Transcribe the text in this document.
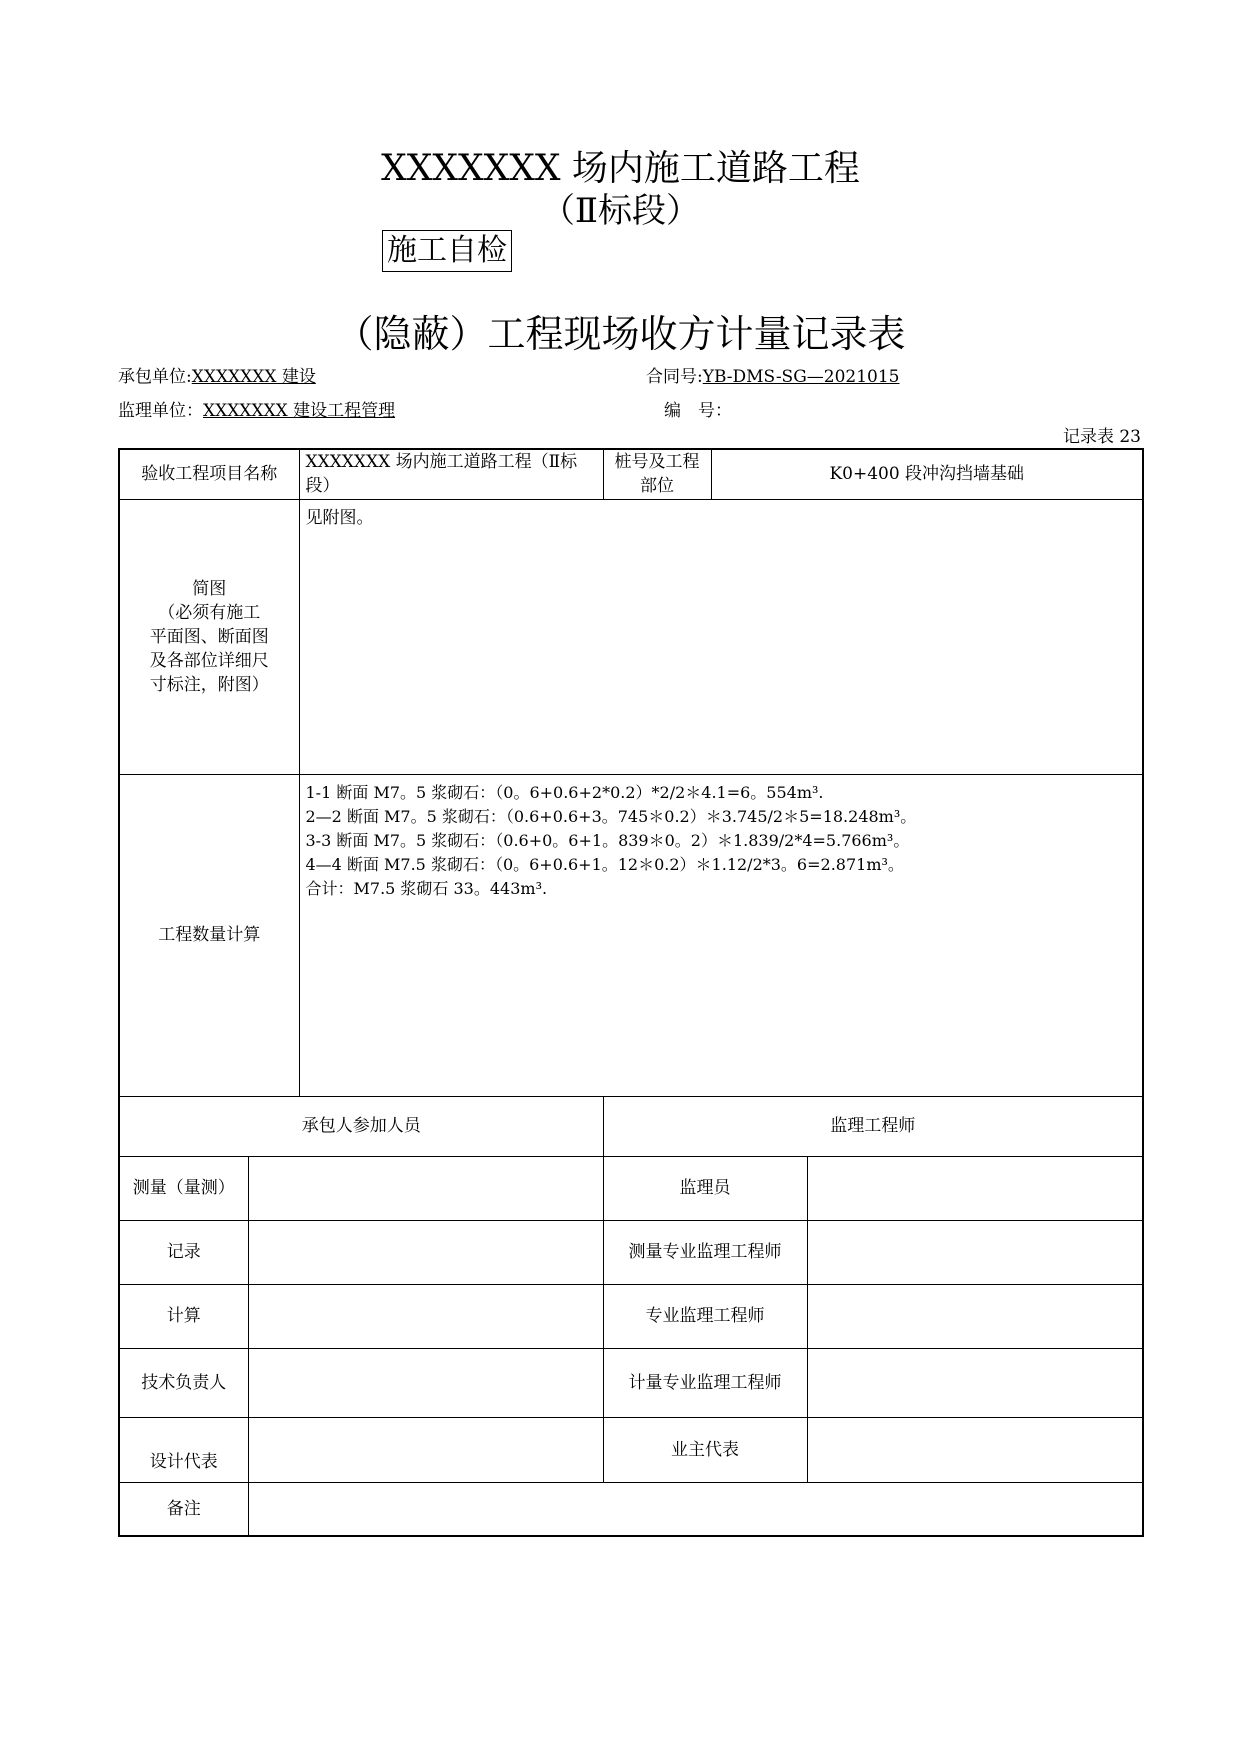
XXXXXXX 场内施工道路工程
（Ⅱ标段）
施工自检
（隐蔽）工程现场收方计量记录表
承包单位:XXXXXXX 建设	合同号:YB-DMS-SG—2021015
监理单位：XXXXXXX 建设工程管理	编　号：
记录表 23
验收工程项目名称		XXXXXXX 场内施工道路工程（Ⅱ标段）	桩号及工程部位	K0+400 段冲沟挡墙基础	

简图
（必须有施工
平面图、断面图
及各部位详细尺
寸标注，附图）		见附图。			
工程数量计算		1-1 断面 M7。5 浆砌石：（0。6+0.6+2*0.2）*2/2＊4.1=6。554m³.
2—2 断面 M7。5 浆砌石：（0.6+0.6+3。745＊0.2）＊3.745/2＊5=18.248m³。
3-3 断面 M7。5 浆砌石：（0.6+0。6+1。839＊0。2）＊1.839/2*4=5.766m³。
4—4 断面 M7.5 浆砌石：（0。6+0.6+1。12＊0.2）＊1.12/2*3。6=2.871m³。
合计：M7.5 浆砌石 33。443m³.			

承包人参加人员			监理工程师		
测量（量测）			监理员		
记录			测量专业监理工程师		
计算			专业监理工程师		
技术负责人			计量专业监理工程师		
设计代表			业主代表		
备注					
